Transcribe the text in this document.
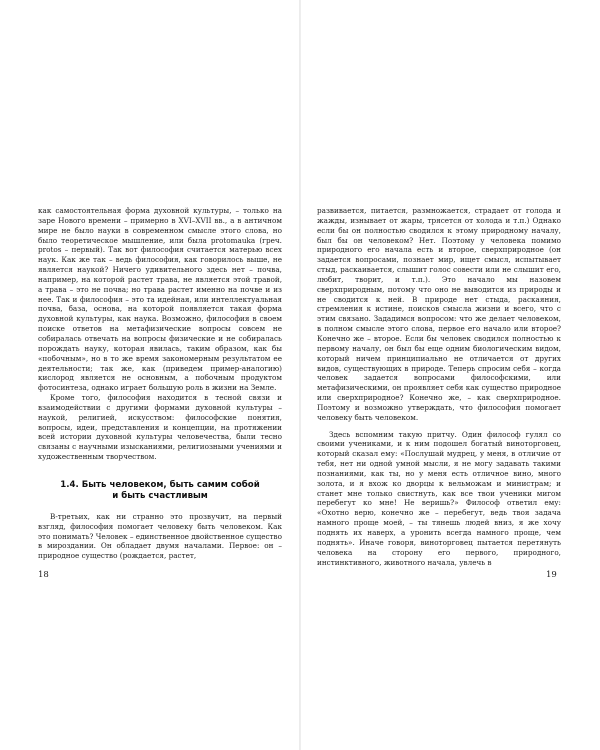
как самостоятельная форма духовной культуры, – только на заре Нового времени – примерно в XVI–XVII вв., а в античном мире не было науки в современном смысле этого слова, но было теоретическое мышление, или была protomauka (греч. protos – первый). Так вот философия считается матерью всех наук. Как же так – ведь философия, как говорилось выше, не является наукой? Ничего удивительного здесь нет – почва, например, на которой растет трава, не является этой травой, а трава – это не почва; но трава растет именно на почве и из нее. Так и философия – это та идейная, или интеллектуальная почва, база, основа, на которой появляется такая форма духовной культуры, как наука. Возможно, философия в своем поиске ответов на метафизические вопросы совсем не собиралась отвечать на вопросы физические и не собиралась порождать науку, которая явилась, таким образом, как бы «побочным», но в то же время закономерным результатом ее деятельности; так же, как (приведем пример-аналогию) кислород является не основным, а побочным продуктом фотосинтеза, однако играет большую роль в жизни на Земле.

Кроме того, философия находится в тесной связи и взаимодействии с другими формами духовной культуры – наукой, религией, искусством: философские понятия, вопросы, идеи, представления и концепции, на протяжении всей истории духовной культуры человечества, были тесно связаны с научными изысканиями, религиозными учениями и художественным творчеством.

1.4. Быть человеком, быть самим собой
и быть счастливым

В-третьих, как ни странно это прозвучит, на первый взгляд, философия помогает человеку быть человеком. Как это понимать? Человек – единственное двойственное существо в мироздании. Он обладает двумя началами. Первое: он – природное существо (рождается, растет,

18

развивается, питается, размножается, страдает от голода и жажды, изнывает от жары, трясется от холода и т.п.) Однако если бы он полностью сводился к этому природному началу, был бы он человеком? Нет. Поэтому у человека помимо природного его начала есть и второе, сверхприродное (он задается вопросами, познает мир, ищет смысл, испытывает стыд, раскаивается, слышит голос совести или не слышит его, любит, творит, и т.п.). Это начало мы назовем сверхприродным, потому что оно не выводится из природы и не сводится к ней. В природе нет стыда, раскаяния, стремления к истине, поисков смысла жизни и всего, что с этим связано. Зададимся вопросом: что же делает человеком, в полном смысле этого слова, первое его начало или второе? Конечно же – второе. Если бы человек сводился полностью к первому началу, он был бы еще одним биологическим видом, который ничем принципиально не отличается от других видов, существующих в природе. Теперь спросим себя – когда человек задается вопросами философскими, или метафизическими, он проявляет себя как существо природное или сверхприродное? Конечно же, – как сверхприродное. Поэтому и возможно утверждать, что философия помогает человеку быть человеком.

Здесь вспомним такую притчу. Один философ гулял со своими учениками, и к ним подошел богатый виноторговец, который сказал ему: «Послушай мудрец, у меня, в отличие от тебя, нет ни одной умной мысли, я не могу задавать такими познаниями, как ты, но у меня есть отличное вино, много золота, и я вхож ко дворцы к вельможам и министрам; и станет мне только свистнуть, как все твои ученики мигом перебегут ко мне! Не веришь?» Философ ответил ему: «Охотно верю, конечно же – перебегут, ведь твоя задача намного проще моей, – ты тянешь людей вниз, я же хочу поднять их наверх, а уронить всегда намного проще, чем поднять». Иначе говоря, виноторговец пытается перетянуть человека на сторону его первого, природного, инстинктивного, животного начала, увлечь в

19
